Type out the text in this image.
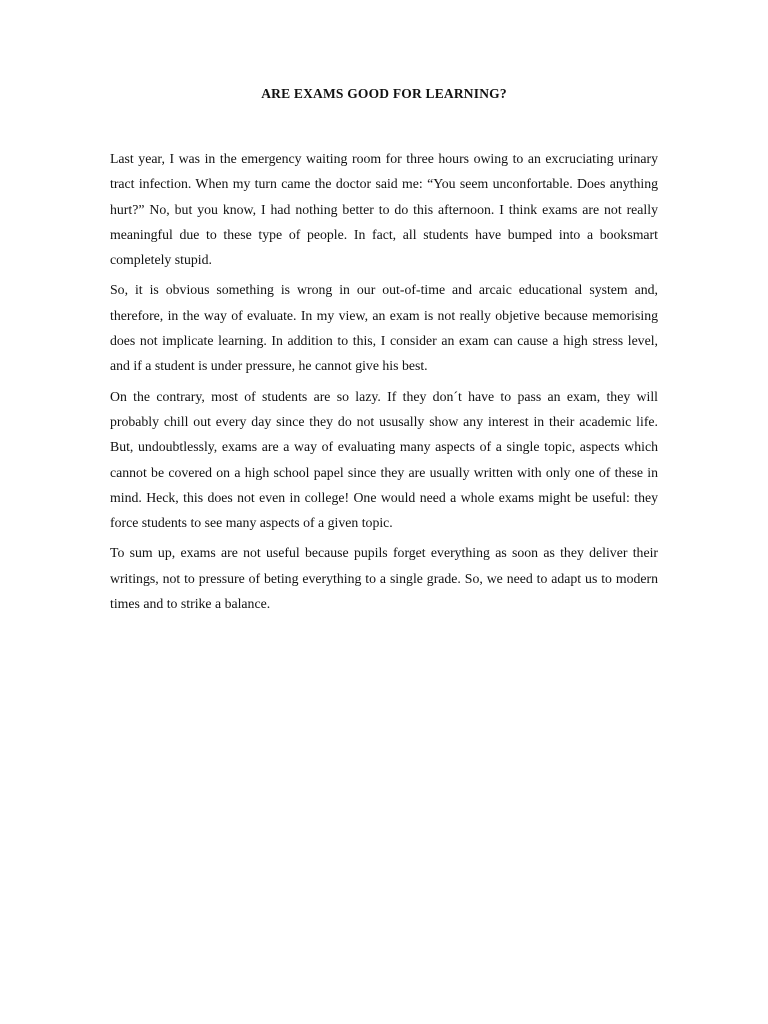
ARE EXAMS GOOD FOR LEARNING?

Last year, I was in the emergency waiting room for three hours owing to an excruciating urinary tract infection. When my turn came the doctor said me: “You seem unconfortable. Does anything hurt?” No, but you know, I had nothing better to do this afternoon. I think exams are not really meaningful due to these type of people. In fact, all students have bumped into a booksmart completely stupid.

So, it is obvious something is wrong in our out-of-time and arcaic educational system and, therefore, in the way of evaluate. In my view, an exam is not really objetive because memorising does not implicate learning. In addition to this, I consider an exam can cause a high stress level, and if a student is under pressure, he cannot give his best.

On the contrary, most of students are so lazy. If they don´t have to pass an exam, they will probably chill out every day since they do not ususally show any interest in their academic life. But, undoubtlessly, exams are a way of evaluating many aspects of a single topic, aspects which cannot be covered on a high school papel since they are usually written with only one of these in mind. Heck, this does not even in college! One would need a whole exams might be useful: they force students to see many aspects of a given topic.

To sum up, exams are not useful because pupils forget everything as soon as they deliver their writings, not to pressure of beting everything to a single grade. So, we need to adapt us to modern times and to strike a balance.
